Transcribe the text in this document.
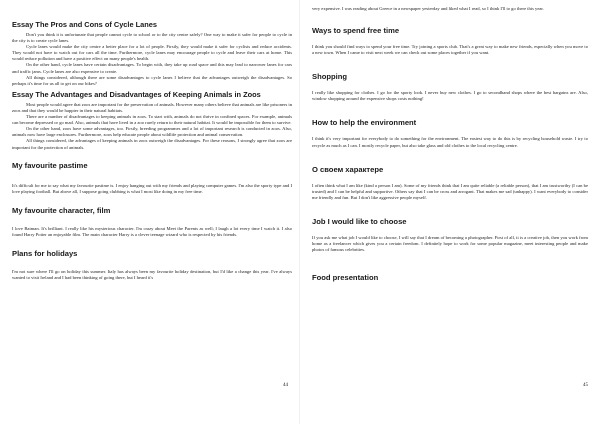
Essay The Pros and Cons of Cycle Lanes

Don't you think it is unfortunate that people cannot cycle to school or to the city centre safely? One way to make it safer for people to cycle in the city is to create cycle lanes.

Cycle lanes would make the city centre a better place for a lot of people. Firstly, they would make it safer for cyclists and reduce accidents. They would not have to watch out for cars all the time. Furthermore, cycle lanes may encourage people to cycle and leave their cars at home. This would reduce pollution and have a positive effect on many people's health.

On the other hand, cycle lanes have certain disadvantages. To begin with, they take up road space and this may lead to narrower lanes for cars and traffic jams. Cycle lanes are also expensive to create.

All things considered, although there are some disadvantages to cycle lanes I believe that the advantages outweigh the disadvantages. So perhaps it's time for us all to get on our bikes?

Essay The Advantages and Disadvantages of Keeping Animals in Zoos

Most people would agree that zoos are important for the preservation of animals. However many others believe that animals are like prisoners in zoos and that they would be happier in their natural habitats.

There are a number of disadvantages to keeping animals in zoos. To start with, animals do not thrive in confined spaces. For example, animals can become depressed or go mad. Also, animals that have lived in a zoo rarely return to their natural habitat. It would be impossible for them to survive.

On the other hand, zoos have some advantages, too. Firstly, breeding programmes and a lot of important research is conducted in zoos. Also, animals now have large enclosures. Furthermore, zoos help educate people about wildlife protection and animal conservation.

All things considered, the advantages of keeping animals in zoos outweigh the disadvantages. For these reasons, I strongly agree that zoos are important for the protection of animals.

My favourite pastime

It's difficult for me to say what my favourite pastime is. I enjoy hanging out with my friends and playing computer games. I'm also the sporty type and I love playing football. But above all, I suppose going clubbing is what I most like doing in my free time.

My favourite character, film

I love Batman. It's brilliant. I really like his mysterious character. I'm crazy about Meet the Parents as well; I laugh a lot every time I watch it. I also found Harry Potter an enjoyable film. The main character Harry is a clever teenage wizard who is respected by his friends.

Plans for holidays

I'm not sure where I'll go on holiday this summer. Italy has always been my favourite holiday destination, but I'd like a change this year. I've always wanted to visit Ireland and I had been thinking of going there, but I heard it's

44

very expensive. I was reading about Greece in a newspaper yesterday and liked what I read, so I think I'll to go there this year.

Ways to spend free time

I think you should find ways to spend your free time. Try joining a sports club. That's a great way to make new friends, especially when you move to a new town. When I came to visit next week we can check out some places together if you want.

Shopping

I really like shopping for clothes. I go for the sporty look. I never buy new clothes. I go to secondhand shops where the best bargains are. Also, window shopping around the expensive shops costs nothing!

How to help the environment

I think it's very important for everybody to do something for the environment. The easiest way to do this is by recycling household waste. I try to recycle as much as I can. I mostly recycle paper, but also take glass and old clothes to the local recycling centre.

О своем характере

I often think what I am like (kind a person I am). Some of my friends think that I am quite reliable (a reliable person), that I am trustworthy (I can be trusted) and I can be helpful and supportive. Others say that I can be cross and arrogant. That makes me sad (unhappy). I want everybody to consider me friendly and fun. But I don't like aggressive people myself.

Job I would like to choose

If you ask me what job I would like to choose, I will say that I dream of becoming a photographer. First of all, it is a creative job, then you work from home as a freelancer which gives you a certain freedom. I definitely hope to work for some popular magazine, meet interesting people and make photos of famous celebrities.

Food presentation
45
